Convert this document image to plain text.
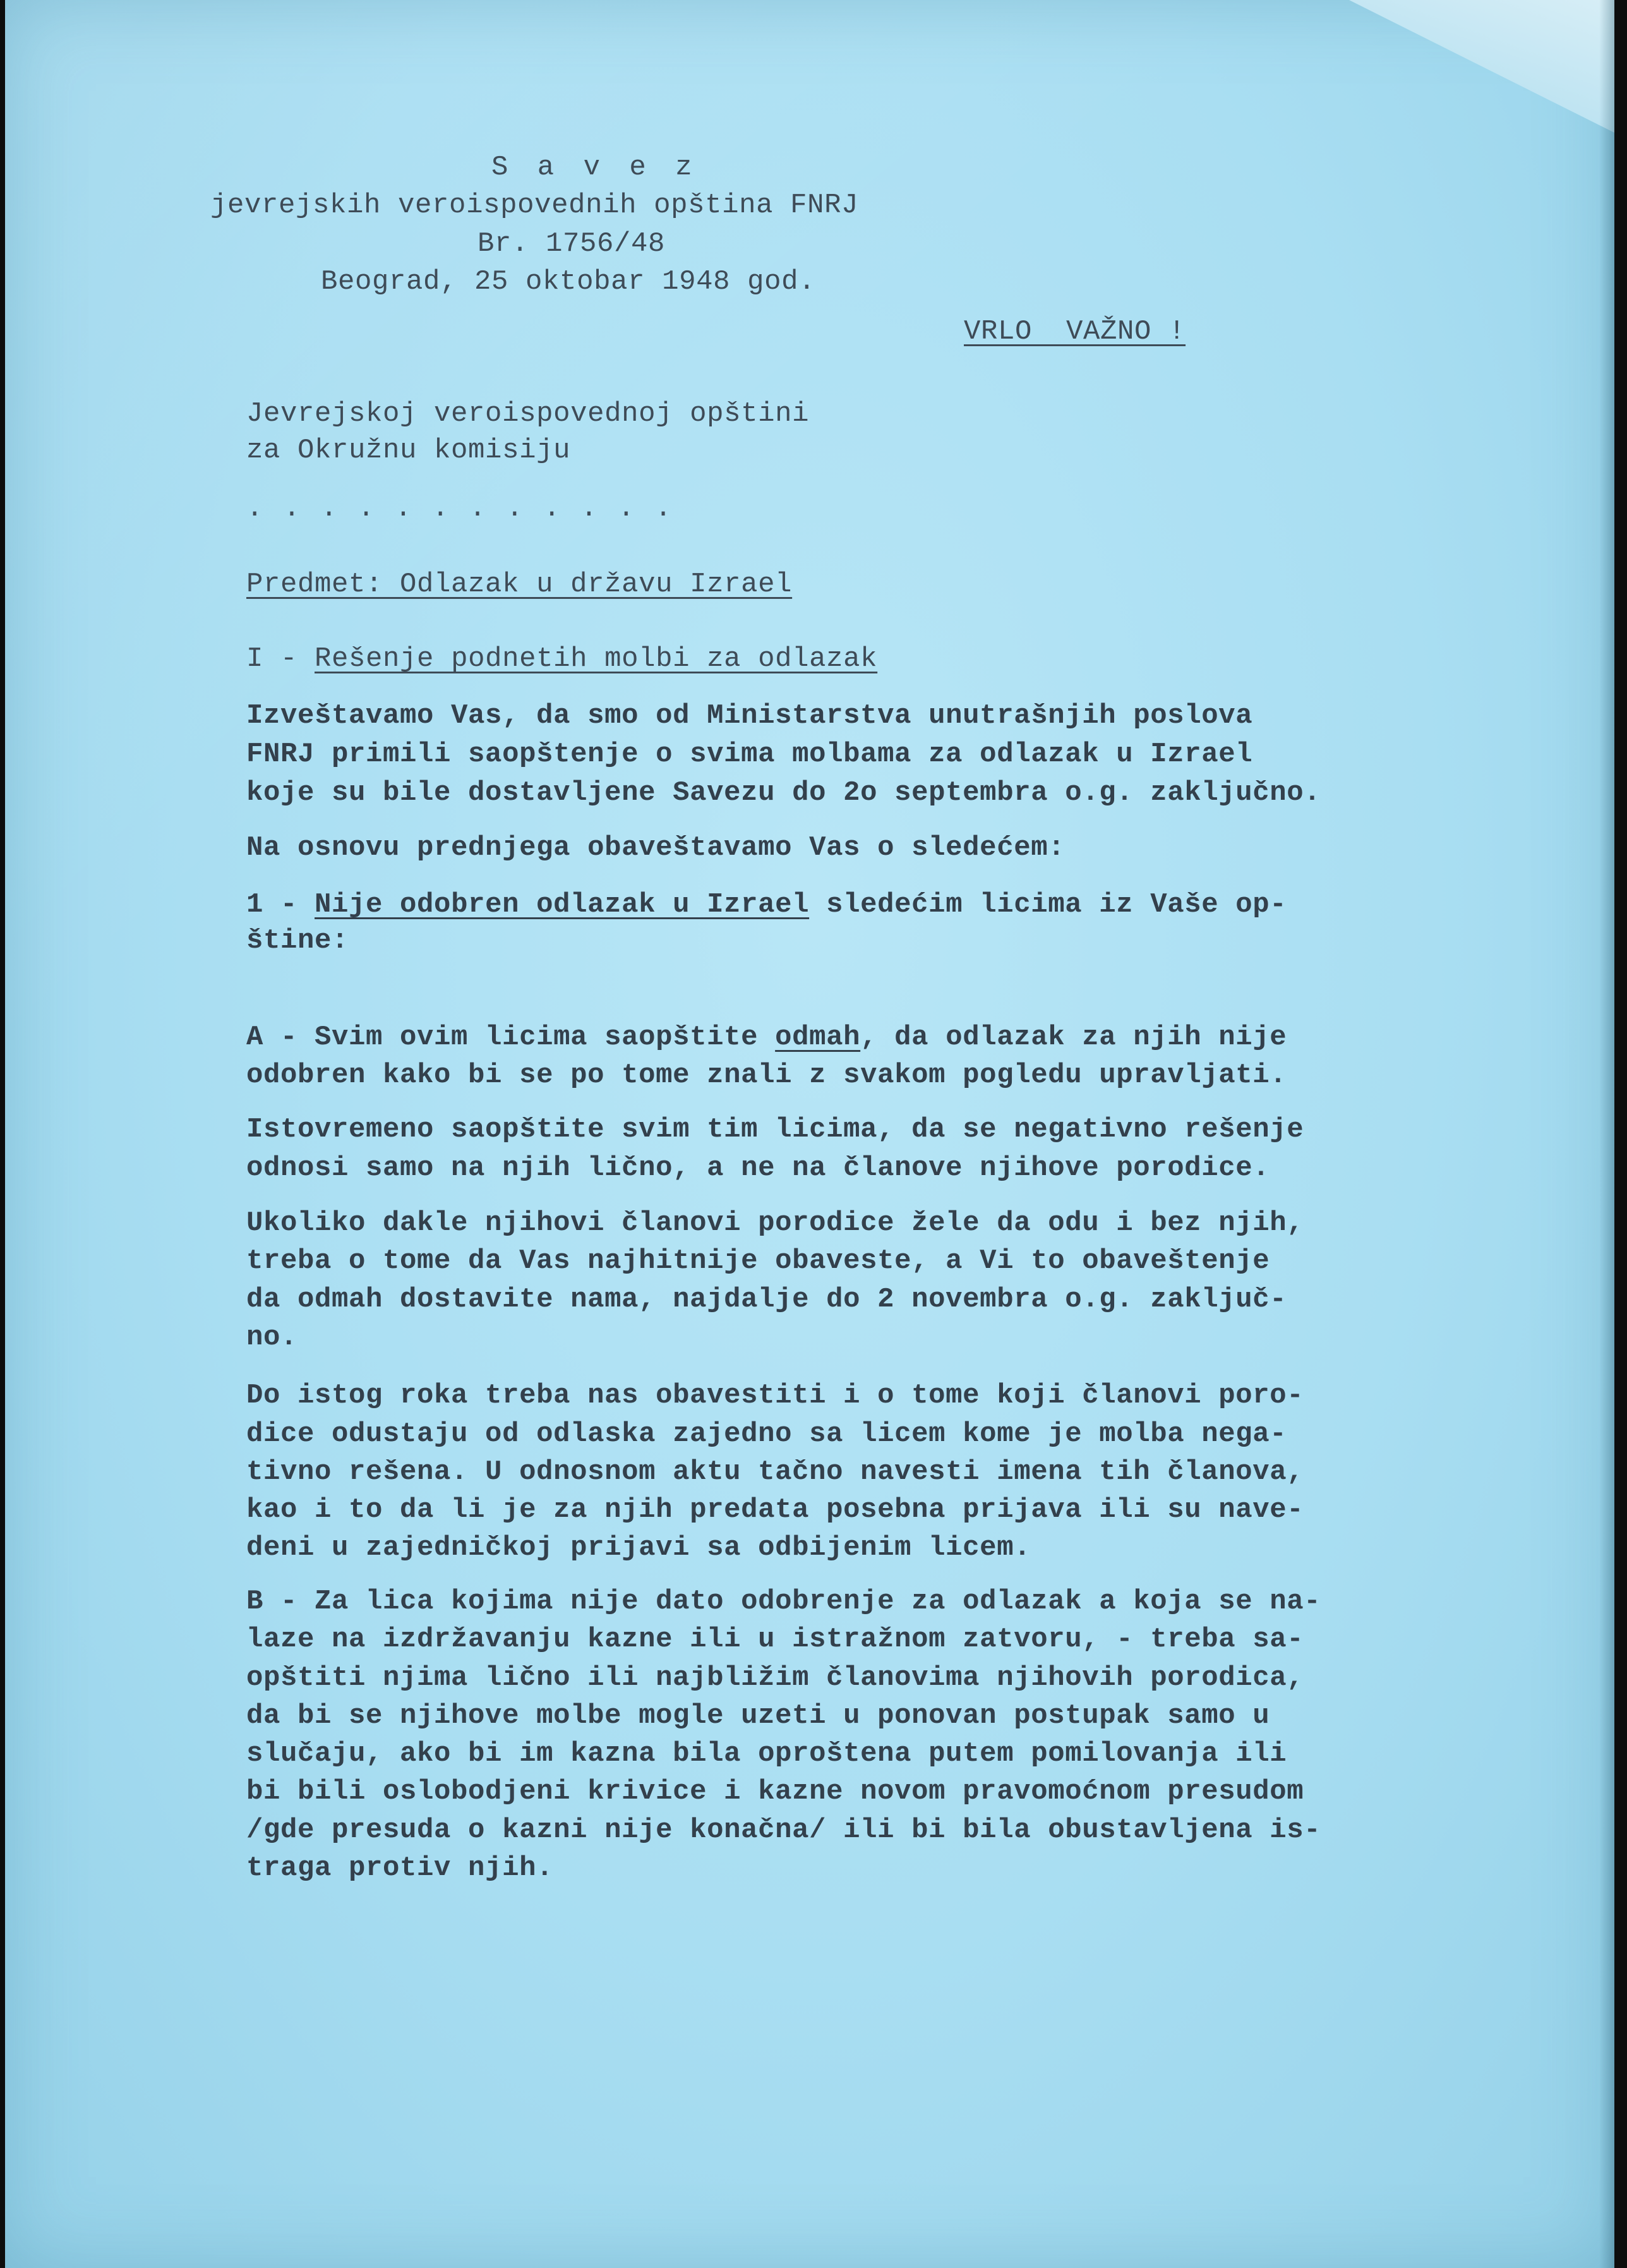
S a v e z

jevrejskih veroispovednih opština FNRJ

Br. 1756/48

Beograd, 25 oktobar 1948 god.

VRLO  VAŽNO !

Jevrejskoj veroispovednoj opštini

za Okružnu komisiju

. . . . . . . . . . . .

Predmet: Odlazak u državu Izrael

I - Rešenje podnetih molbi za odlazak

Izveštavamo Vas, da smo od Ministarstva unutrašnjih poslova

FNRJ primili saopštenje o svima molbama za odlazak u Izrael

koje su bile dostavljene Savezu do 2o septembra o.g. zaključno.

Na osnovu prednjega obaveštavamo Vas o sledećem:

1 - Nije odobren odlazak u Izrael sledećim licima iz Vaše op-

štine:

A - Svim ovim licima saopštite odmah, da odlazak za njih nije

odobren kako bi se po tome znali z svakom pogledu upravljati.

Istovremeno saopštite svim tim licima, da se negativno rešenje

odnosi samo na njih lično, a ne na članove njihove porodice.

Ukoliko dakle njihovi članovi porodice žele da odu i bez njih,

treba o tome da Vas najhitnije obaveste, a Vi to obaveštenje

da odmah dostavite nama, najdalje do 2 novembra o.g. zaključ-

no.

Do istog roka treba nas obavestiti i o tome koji članovi poro-

dice odustaju od odlaska zajedno sa licem kome je molba nega-

tivno rešena. U odnosnom aktu tačno navesti imena tih članova,

kao i to da li je za njih predata posebna prijava ili su nave-

deni u zajedničkoj prijavi sa odbijenim licem.

B - Za lica kojima nije dato odobrenje za odlazak a koja se na-

laze na izdržavanju kazne ili u istražnom zatvoru, - treba sa-

opštiti njima lično ili najbližim članovima njihovih porodica,

da bi se njihove molbe mogle uzeti u ponovan postupak samo u

slučaju, ako bi im kazna bila oproštena putem pomilovanja ili

bi bili oslobodjeni krivice i kazne novom pravomoćnom presudom

/gde presuda o kazni nije konačna/ ili bi bila obustavljena is-

traga protiv njih.
